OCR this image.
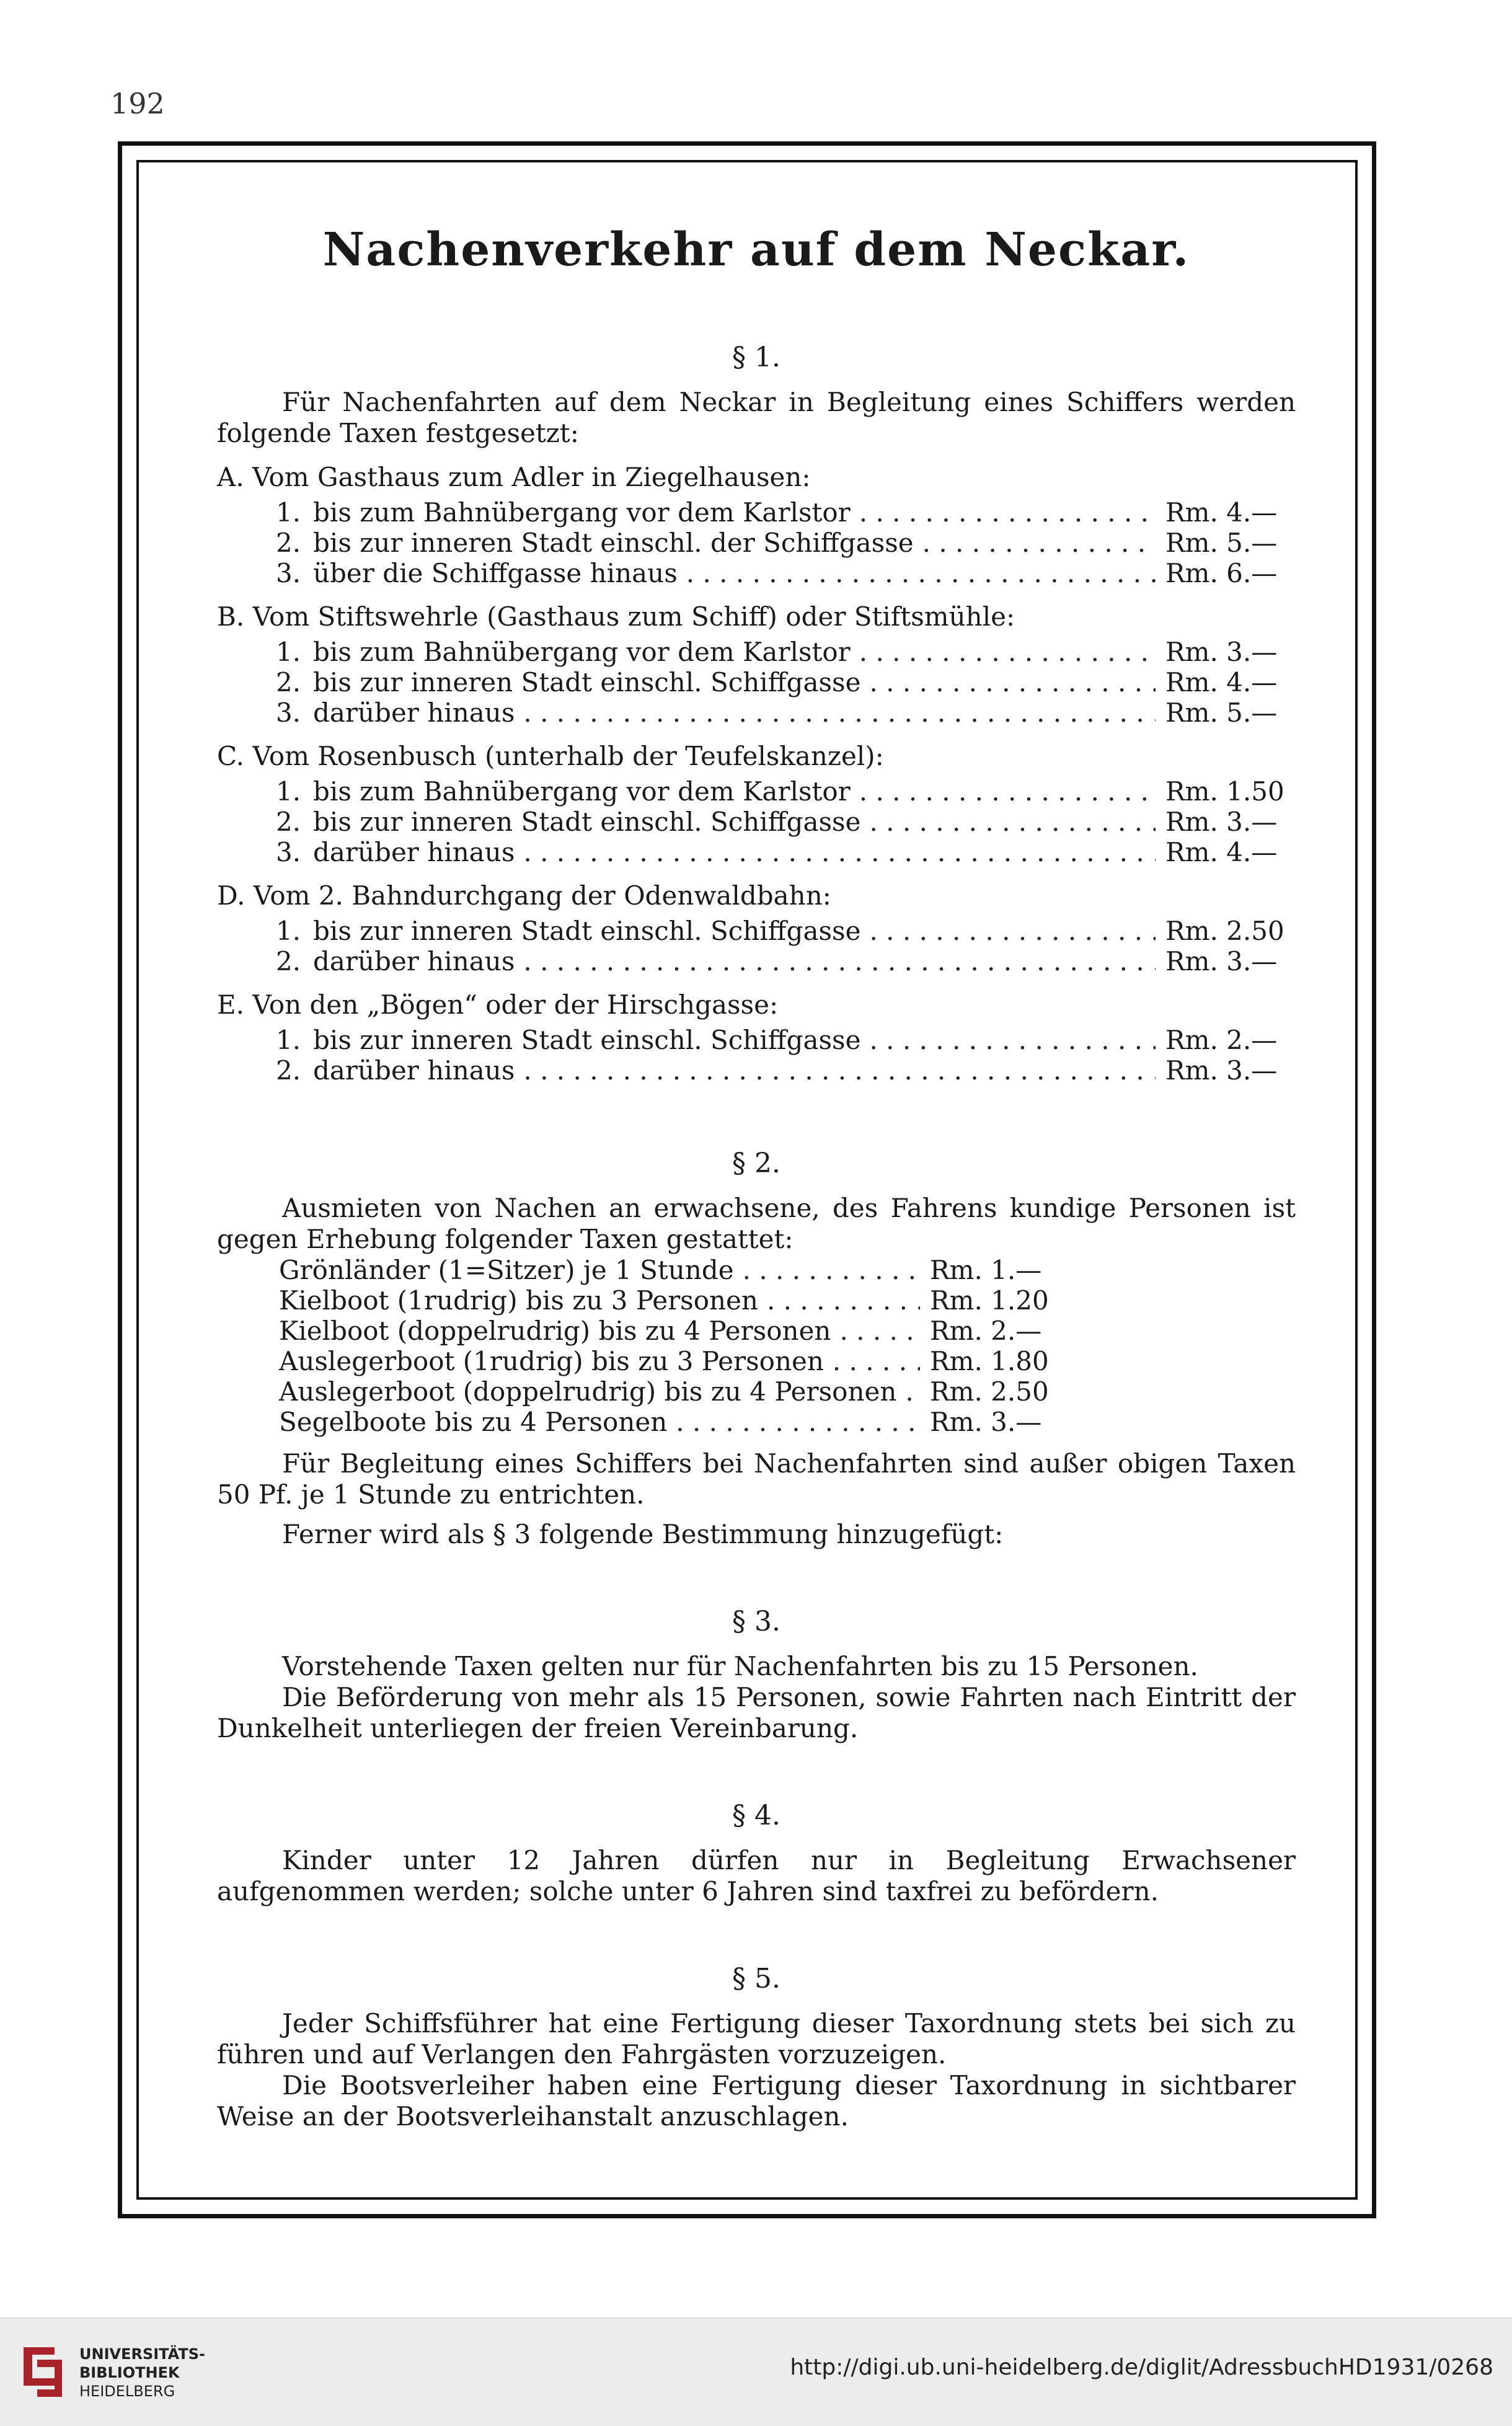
192
Nachenverkehr auf dem Neckar.
§ 1.

Für Nachenfahrten auf dem Neckar in Begleitung eines Schiffers werden folgende Taxen festgesetzt:

A. Vom Gasthaus zum Adler in Ziegelhausen:
1. bis zum Bahnübergang vor dem Karlstor . . .	Rm. 4.—
2. bis zur inneren Stadt einschl. der Schiffgasse . . .	Rm. 5.—
3. über die Schiffgasse hinaus . . .	Rm. 6.—
B. Vom Stiftswehrle (Gasthaus zum Schiff) oder Stiftsmühle:
1. bis zum Bahnübergang vor dem Karlstor . . .	Rm. 3.—
2. bis zur inneren Stadt einschl. Schiffgasse . . .	Rm. 4.—
3. darüber hinaus . . .	Rm. 5.—
C. Vom Rosenbusch (unterhalb der Teufelskanzel):
1. bis zum Bahnübergang vor dem Karlstor . . .	Rm. 1.50
2. bis zur inneren Stadt einschl. Schiffgasse . . .	Rm. 3.—
3. darüber hinaus . . .	Rm. 4.—
D. Vom 2. Bahndurchgang der Odenwaldbahn:
1. bis zur inneren Stadt einschl. Schiffgasse . . .	Rm. 2.50
2. darüber hinaus . . .	Rm. 3.—
E. Von den „Bögen“ oder der Hirschgasse:
1. bis zur inneren Stadt einschl. Schiffgasse . . .	Rm. 2.—
2. darüber hinaus . . .	Rm. 3.—
§ 2.

Ausmieten von Nachen an erwachsene, des Fahrens kundige Personen ist gegen Erhebung folgender Taxen gestattet:

Grönländer (1=Sitzer) je 1 Stunde . . .	Rm. 1.—
Kielboot (1rudrig) bis zu 3 Personen . . .	Rm. 1.20
Kielboot (doppelrudrig) bis zu 4 Personen . . .	Rm. 2.—
Auslegerboot (1rudrig) bis zu 3 Personen . . .	Rm. 1.80
Auslegerboot (doppelrudrig) bis zu 4 Personen . . .	Rm. 2.50
Segelboote bis zu 4 Personen . . .	Rm. 3.—

Für Begleitung eines Schiffers bei Nachenfahrten sind außer obigen Taxen 50 Pf. je 1 Stunde zu entrichten.

Ferner wird als § 3 folgende Bestimmung hinzugefügt:

§ 3.

Vorstehende Taxen gelten nur für Nachenfahrten bis zu 15 Personen.

Die Beförderung von mehr als 15 Personen, sowie Fahrten nach Eintritt der Dunkelheit unterliegen der freien Vereinbarung.

§ 4.

Kinder unter 12 Jahren dürfen nur in Begleitung Erwachsener aufgenommen werden; solche unter 6 Jahren sind taxfrei zu befördern.

§ 5.

Jeder Schiffsführer hat eine Fertigung dieser Taxordnung stets bei sich zu führen und auf Verlangen den Fahrgästen vorzuzeigen.

Die Bootsverleiher haben eine Fertigung dieser Taxordnung in sichtbarer Weise an der Bootsverleihanstalt anzuschlagen.

UNIVERSITÄTS-
BIBLIOTHEK
HEIDELBERG
http://digi.ub.uni-heidelberg.de/diglit/AdressbuchHD1931/0268
